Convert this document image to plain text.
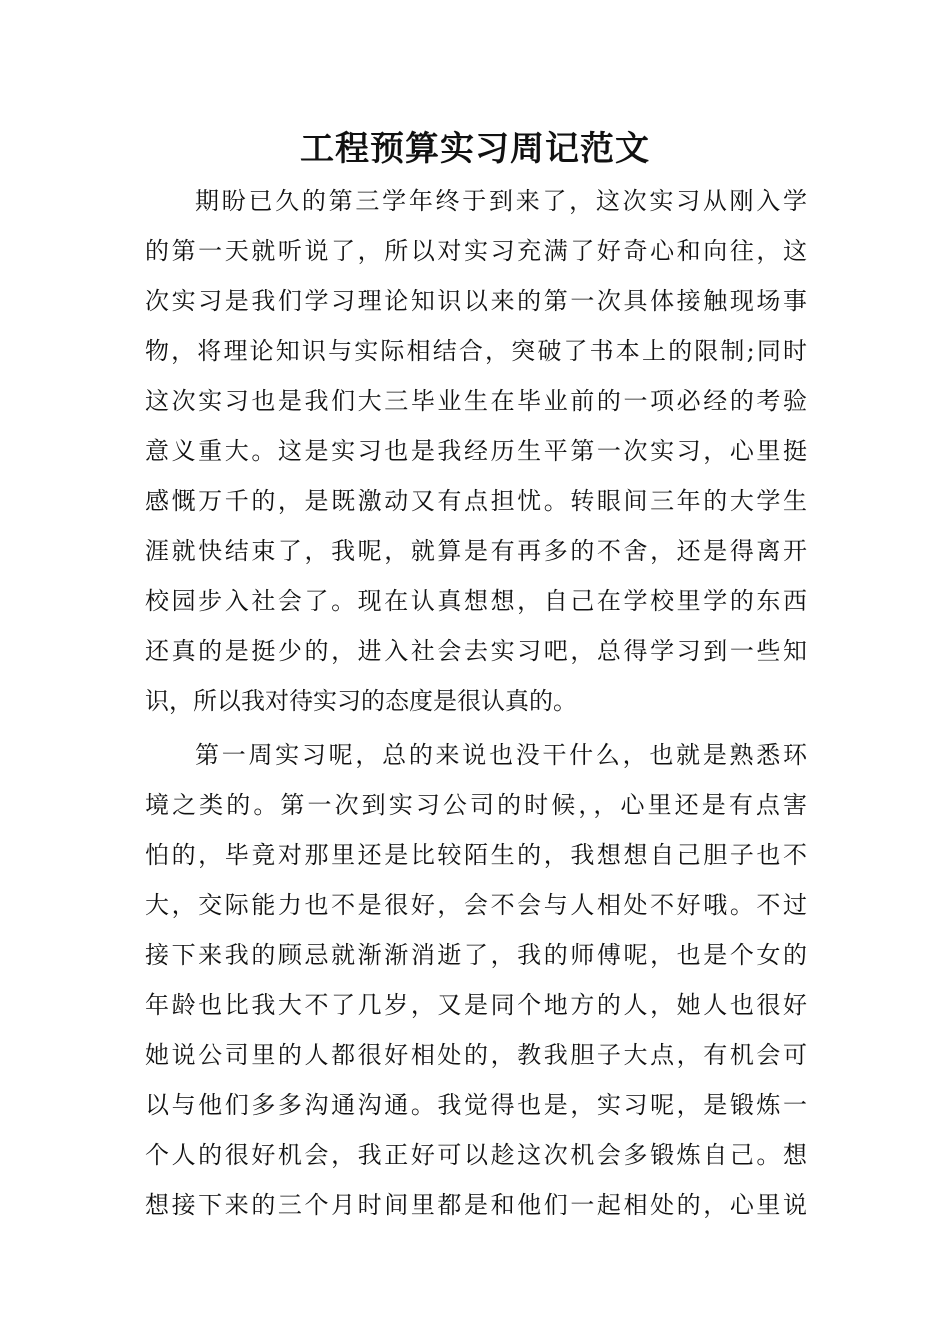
工程预算实习周记范文
期盼已久的第三学年终于到来了，这次实习从刚入学
的第一天就听说了，所以对实习充满了好奇心和向往，这
次实习是我们学习理论知识以来的第一次具体接触现场事
物，将理论知识与实际相结合，突破了书本上的限制;同时
这次实习也是我们大三毕业生在毕业前的一项必经的考验
意义重大。这是实习也是我经历生平第一次实习，心里挺
感慨万千的，是既激动又有点担忧。转眼间三年的大学生
涯就快结束了，我呢，就算是有再多的不舍，还是得离开
校园步入社会了。现在认真想想，自己在学校里学的东西
还真的是挺少的，进入社会去实习吧，总得学习到一些知
识，所以我对待实习的态度是很认真的。
第一周实习呢，总的来说也没干什么，也就是熟悉环
境之类的。第一次到实习公司的时候，，心里还是有点害
怕的，毕竟对那里还是比较陌生的，我想想自己胆子也不
大，交际能力也不是很好，会不会与人相处不好哦。不过
接下来我的顾忌就渐渐消逝了，我的师傅呢，也是个女的
年龄也比我大不了几岁，又是同个地方的人，她人也很好
她说公司里的人都很好相处的，教我胆子大点，有机会可
以与他们多多沟通沟通。我觉得也是，实习呢，是锻炼一
个人的很好机会，我正好可以趁这次机会多锻炼自己。想
想接下来的三个月时间里都是和他们一起相处的，心里说
